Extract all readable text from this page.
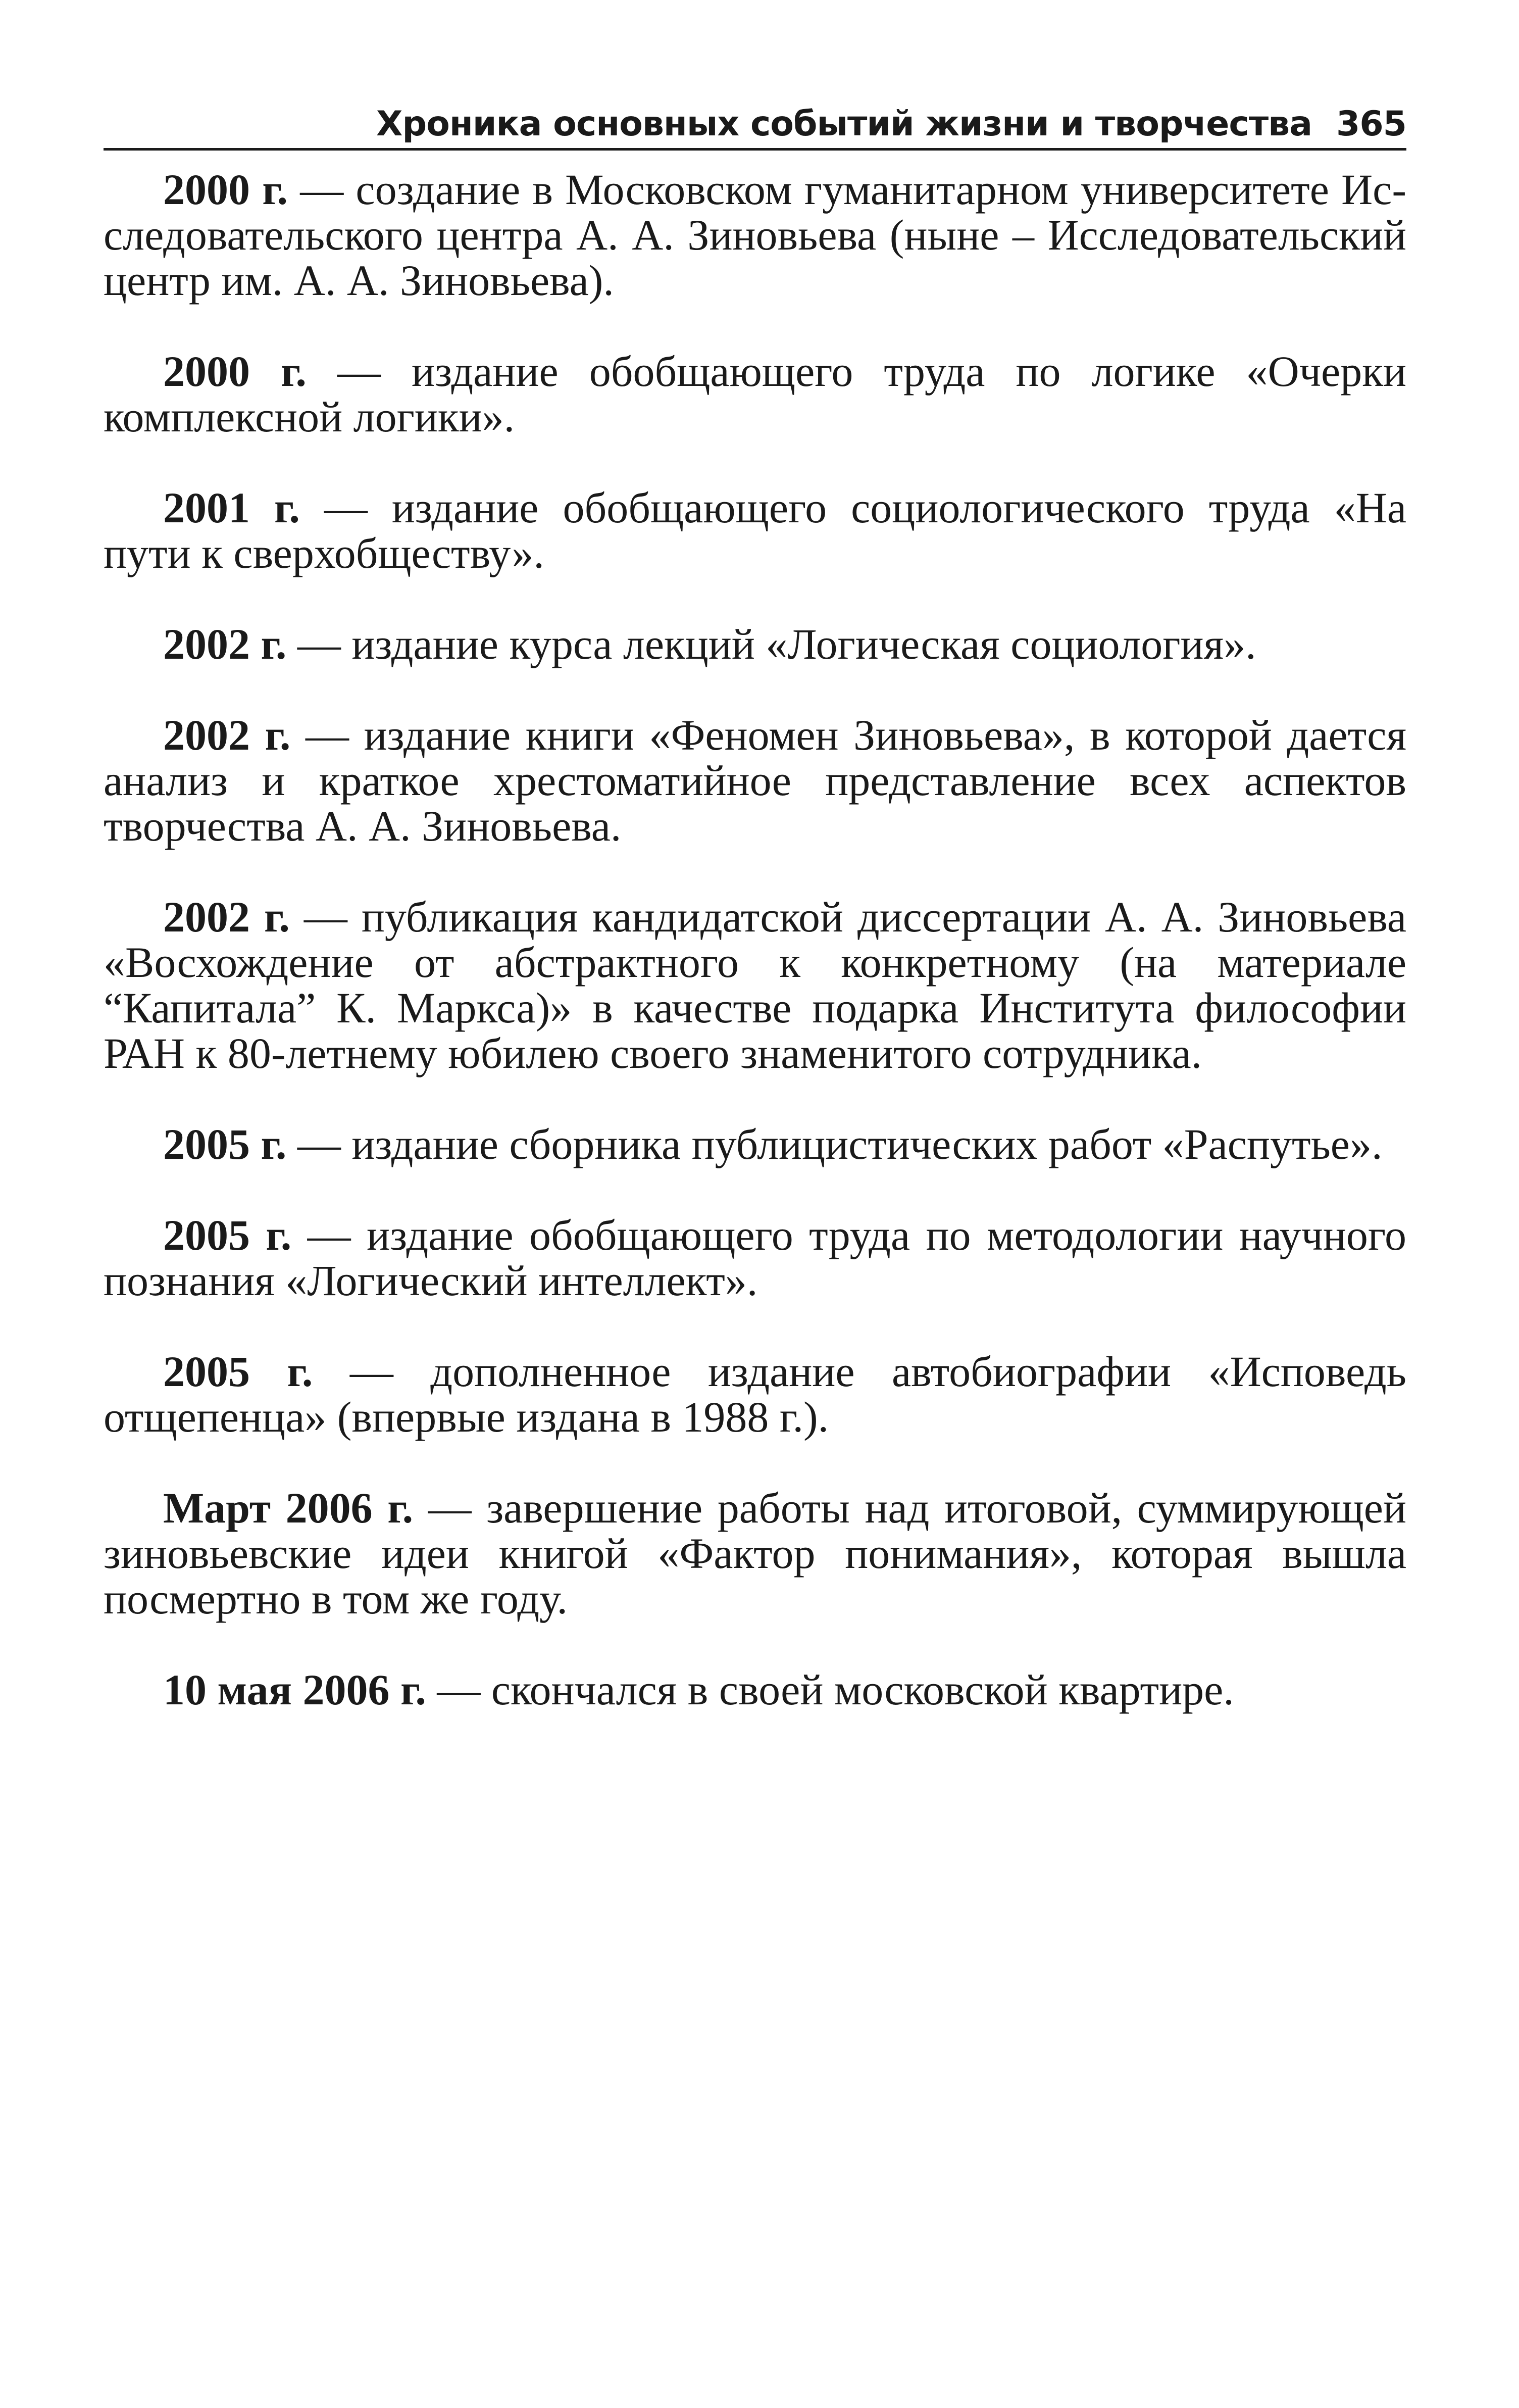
Хроника основных событий жизни и творчества 365

2000 г. — создание в Московском гуманитарном университете Исследовательского центра А. А. Зиновьева (ныне – Исследовательский центр им. А. А. Зиновьева).

2000 г. — издание обобщающего труда по логике «Очерки комплексной логики».

2001 г. — издание обобщающего социологического труда «На пути к сверхобществу».

2002 г. — издание курса лекций «Логическая социология».

2002 г. — издание книги «Феномен Зиновьева», в которой дается анализ и краткое хрестоматийное представление всех аспектов творчества А. А. Зиновьева.

2002 г. — публикация кандидатской диссертации А. А. Зиновьева «Восхождение от абстрактного к конкретному (на материале “Капитала” К. Маркса)» в качестве подарка Института философии РАН к 80-летнему юбилею своего знаменитого сотрудника.

2005 г. — издание сборника публицистических работ «Распутье».

2005 г. — издание обобщающего труда по методологии научного познания «Логический интеллект».

2005 г. — дополненное издание автобиографии «Исповедь отщепенца» (впервые издана в 1988 г.).

Март 2006 г. — завершение работы над итоговой, суммирующей зиновьевские идеи книгой «Фактор понимания», которая вышла посмертно в том же году.

10 мая 2006 г. — скончался в своей московской квартире.
